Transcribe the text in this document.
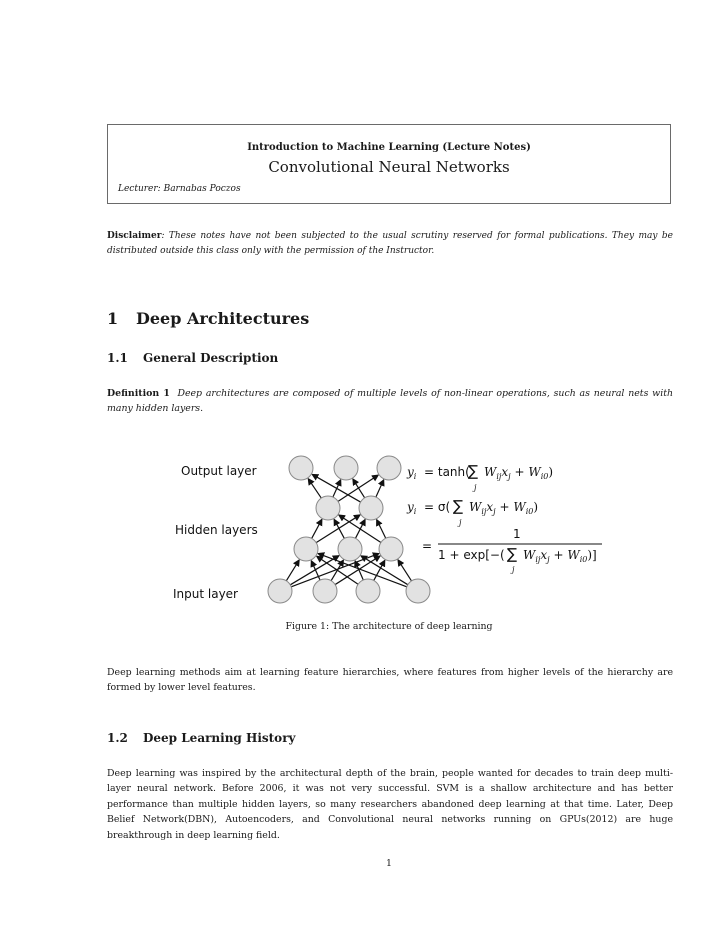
Introduction to Machine Learning (Lecture Notes)
Convolutional Neural Networks
Lecturer: Barnabas Poczos
Disclaimer: These notes have not been subjected to the usual scrutiny reserved for formal publications. They may be distributed outside this class only with the permission of the Instructor.
1 Deep Architectures
1.1 General Description
Definition 1 Deep architectures are composed of multiple levels of non-linear operations, such as neural nets with many hidden layers.
Output layer
Hidden layers
Input layer
$y_i = \tanh$(
∑
j
$W_{ij}x_j + W_{i0}$)
$y_i = \sigma$( ∑
j
$W_{ij}x_j + W_{i0}$)
=
1
1 + exp[−( ∑
j
$W_{ij}x_j + W_{i0}$)]
Figure 1: The architecture of deep learning
Deep learning methods aim at learning feature hierarchies, where features from higher levels of the hierarchy are formed by lower level features.
1.2 Deep Learning History
Deep learning was inspired by the architectural depth of the brain, people wanted for decades to train deep multi-layer neural network. Before 2006, it was not very successful. SVM is a shallow architecture and has better performance than multiple hidden layers, so many researchers abandoned deep learning at that time. Later, Deep Belief Network(DBN), Autoencoders, and Convolutional neural networks running on GPUs(2012) are huge breakthrough in deep learning field.
1
